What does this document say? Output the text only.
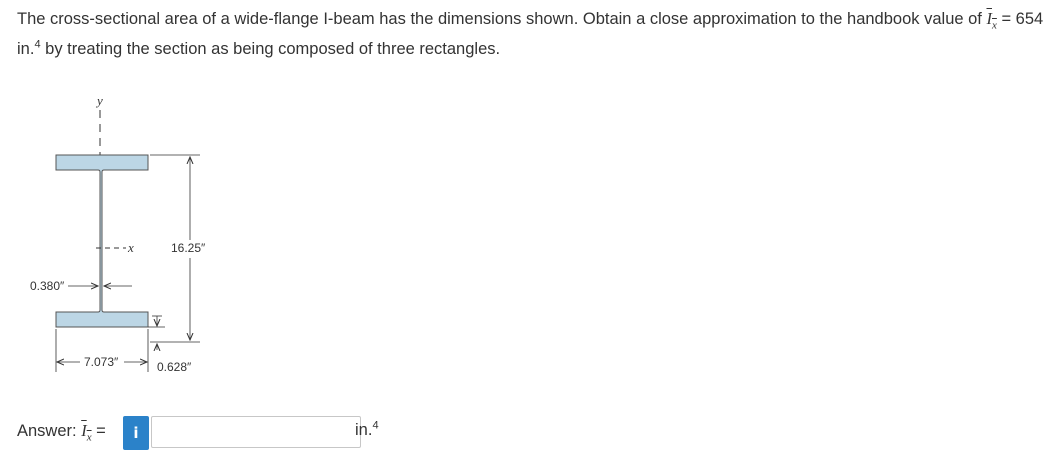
The cross-sectional area of a wide-flange I-beam has the dimensions shown. Obtain a close approximation to the handbook value of $I_x = 654$ in.$^4$ by treating the section as being composed of three rectangles.
y
x	16.25″
0.380″
0.628″
7.073″
Answer: $I_x = i$	in.$^4$
